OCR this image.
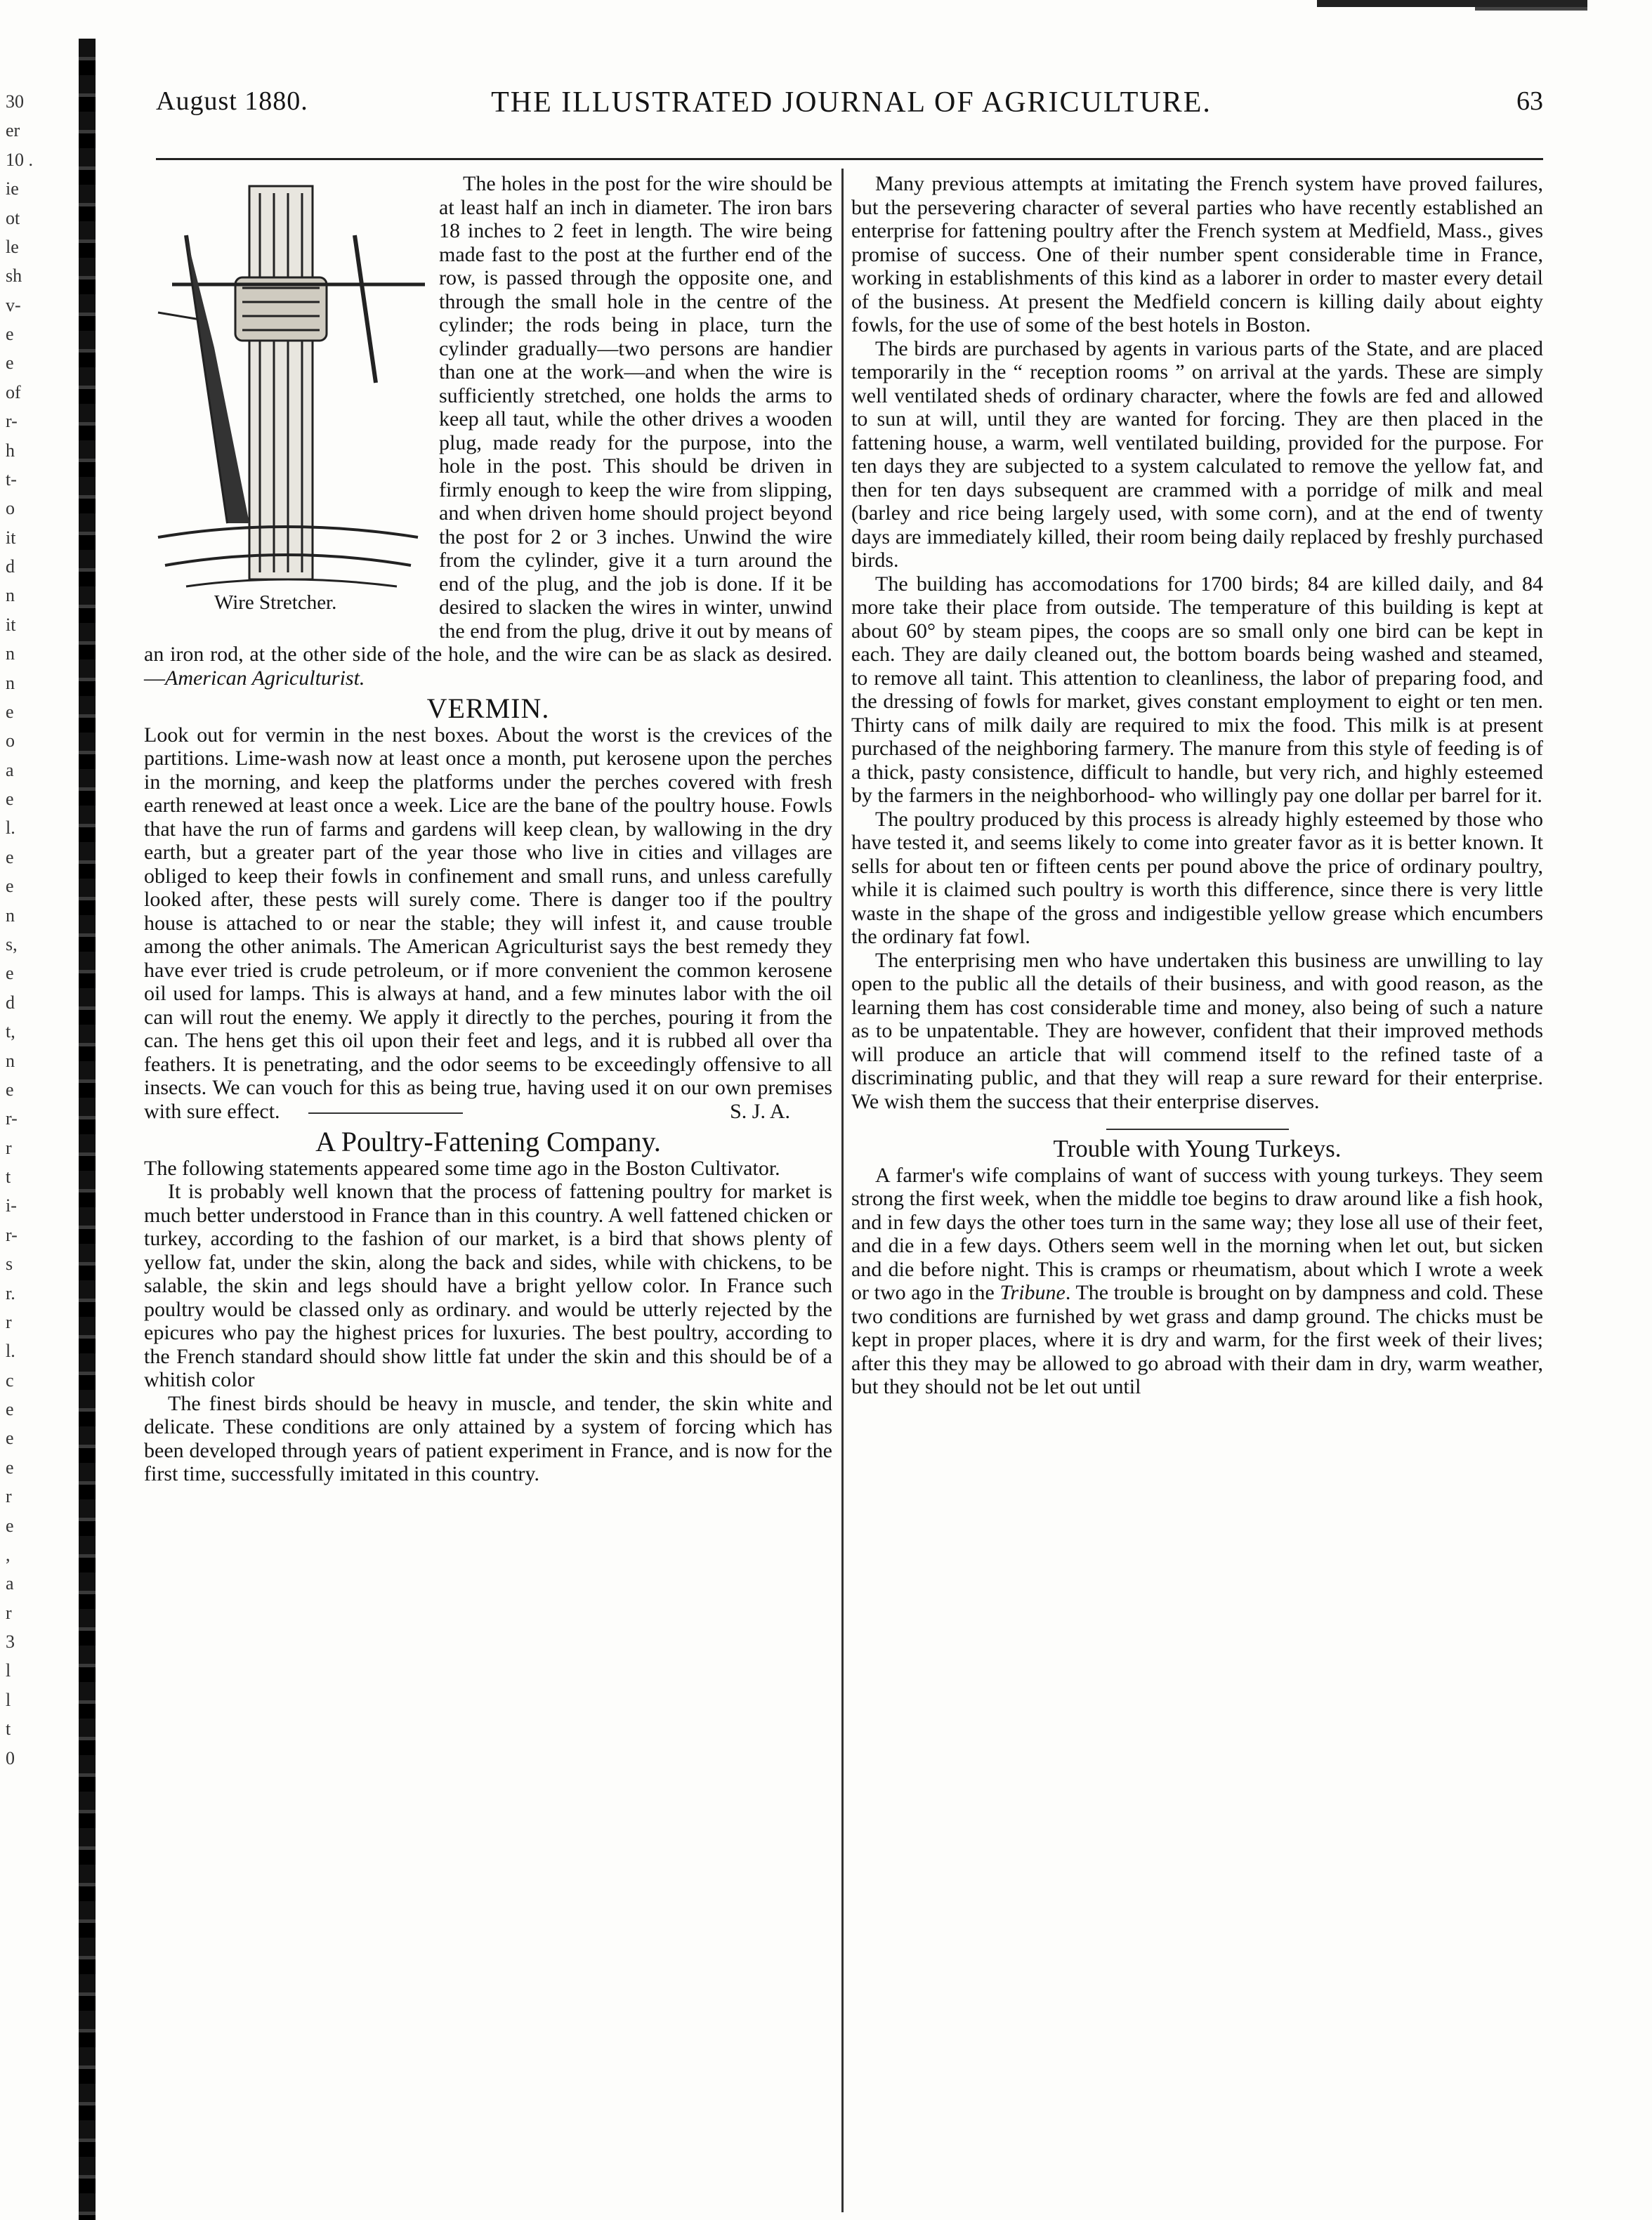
30
er
10 .
ie
ot
le
sh
v-
e
e
of
r-
h
t-
o
it
d
n
it
n
n
e
o
a
e
l.
e
e
n
s,
e
d
t,
n
e
r-
r
t
i-
r-
s
r.
r
l.
c
e
e
e
r
e
,
a
r
3
l
l
t
0
August 1880.	THE ILLUSTRATED JOURNAL OF AGRICULTURE.	63
Wire Stretcher.

The holes in the post for the wire should be at least half an inch in diameter. The iron bars 18 inches to 2 feet in length. The wire being made fast to the post at the further end of the row, is passed through the opposite one, and through the small hole in the centre of the cylinder; the rods being in place, turn the cylinder gradually—two persons are handier than one at the work—and when the wire is sufficiently stretched, one holds the arms to keep all taut, while the other drives a wooden plug, made ready for the purpose, into the hole in the post. This should be driven in firmly enough to keep the wire from slipping, and when driven home should project beyond the post for 2 or 3 inches. Unwind the wire from the cylinder, give it a turn around the end of the plug, and the job is done. If it be desired to slacken the wires in winter, unwind the end from the plug, drive it out by means of an iron rod, at the other side of the hole, and the wire can be as slack as desired.—American Agriculturist.

VERMIN.

Look out for vermin in the nest boxes. About the worst is the crevices of the partitions. Lime-wash now at least once a month, put kerosene upon the perches in the morning, and keep the platforms under the perches covered with fresh earth renewed at least once a week. Lice are the bane of the poultry house. Fowls that have the run of farms and gardens will keep clean, by wallowing in the dry earth, but a greater part of the year those who live in cities and villages are obliged to keep their fowls in confinement and small runs, and unless carefully looked after, these pests will surely come. There is danger too if the poultry house is attached to or near the stable; they will infest it, and cause trouble among the other animals. The American Agriculturist says the best remedy they have ever tried is crude petroleum, or if more convenient the common kerosene oil used for lamps. This is always at hand, and a few minutes labor with the oil can will rout the enemy. We apply it directly to the perches, pouring it from the can. The hens get this oil upon their feet and legs, and it is rubbed all over tha feathers. It is penetrating, and the odor seems to be exceedingly offensive to all insects. We can vouch for this as being true, having used it on our own premises with sure effect.	S. J. A.

A Poultry-Fattening Company.

The following statements appeared some time ago in the Boston Cultivator.

It is probably well known that the process of fattening poultry for market is much better understood in France than in this country. A well fattened chicken or turkey, according to the fashion of our market, is a bird that shows plenty of yellow fat, under the skin, along the back and sides, while with chickens, to be salable, the skin and legs should have a bright yellow color. In France such poultry would be classed only as ordinary. and would be utterly rejected by the epicures who pay the highest prices for luxuries. The best poultry, according to the French standard should show little fat under the skin and this should be of a whitish color

The finest birds should be heavy in muscle, and tender, the skin white and delicate. These conditions are only attained by a system of forcing which has been developed through years of patient experiment in France, and is now for the first time, successfully imitated in this country.

Many previous attempts at imitating the French system have proved failures, but the persevering character of several parties who have recently established an enterprise for fattening poultry after the French system at Medfield, Mass., gives promise of success. One of their number spent considerable time in France, working in establishments of this kind as a laborer in order to master every detail of the business. At present the Medfield concern is killing daily about eighty fowls, for the use of some of the best hotels in Boston.

The birds are purchased by agents in various parts of the State, and are placed temporarily in the “ reception rooms ” on arrival at the yards. These are simply well ventilated sheds of ordinary character, where the fowls are fed and allowed to sun at will, until they are wanted for forcing. They are then placed in the fattening house, a warm, well ventilated building, provided for the purpose. For ten days they are subjected to a system calculated to remove the yellow fat, and then for ten days subsequent are crammed with a porridge of milk and meal (barley and rice being largely used, with some corn), and at the end of twenty days are immediately killed, their room being daily replaced by freshly purchased birds.

The building has accomodations for 1700 birds; 84 are killed daily, and 84 more take their place from outside. The temperature of this building is kept at about 60° by steam pipes, the coops are so small only one bird can be kept in each. They are daily cleaned out, the bottom boards being washed and steamed, to remove all taint. This attention to cleanliness, the labor of preparing food, and the dressing of fowls for market, gives constant employment to eight or ten men. Thirty cans of milk daily are required to mix the food. This milk is at present purchased of the neighboring farmery. The manure from this style of feeding is of a thick, pasty consistence, difficult to handle, but very rich, and highly esteemed by the farmers in the neighborhood- who willingly pay one dollar per barrel for it.

The poultry produced by this process is already highly esteemed by those who have tested it, and seems likely to come into greater favor as it is better known. It sells for about ten or fifteen cents per pound above the price of ordinary poultry, while it is claimed such poultry is worth this difference, since there is very little waste in the shape of the gross and indigestible yellow grease which encumbers the ordinary fat fowl.

The enterprising men who have undertaken this business are unwilling to lay open to the public all the details of their business, and with good reason, as the learning them has cost considerable time and money, also being of such a nature as to be unpatentable. They are however, confident that their improved methods will produce an article that will commend itself to the refined taste of a discriminating public, and that they will reap a sure reward for their enterprise. We wish them the success that their enterprise diserves.

Trouble with Young Turkeys.

A farmer's wife complains of want of success with young turkeys. They seem strong the first week, when the middle toe begins to draw around like a fish hook, and in few days the other toes turn in the same way; they lose all use of their feet, and die in a few days. Others seem well in the morning when let out, but sicken and die before night. This is cramps or rheumatism, about which I wrote a week or two ago in the Tribune. The trouble is brought on by dampness and cold. These two conditions are furnished by wet grass and damp ground. The chicks must be kept in proper places, where it is dry and warm, for the first week of their lives; after this they may be allowed to go abroad with their dam in dry, warm weather, but they should not be let out until
